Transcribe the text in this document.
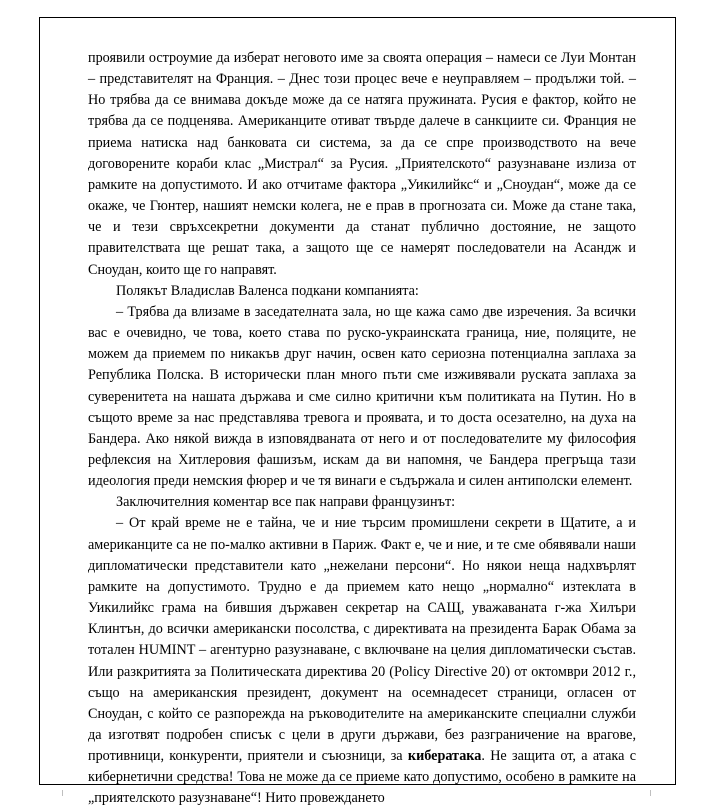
проявили остроумие да изберат неговото име за своята операция – намеси се Луи Монтан – представителят на Франция. – Днес този процес вече е неуправляем – продължи той. – Но трябва да се внимава докъде може да се натяга пружината. Русия е фактор, който не трябва да се подценява. Американците отиват твърде далече в санкциите си. Франция не приема натиска над банковата си система, за да се спре производството на вече договорените кораби клас „Мистрал“ за Русия. „Приятелското“ разузнаване излиза от рамките на допустимото. И ако отчитаме фактора „Уикилийкс“ и „Сноудан“, може да се окаже, че Гюнтер, нашият немски колега, не е прав в прогнозата си. Може да стане така, че и тези свръхсекретни документи да станат публично достояние, не защото правителствата ще решат така, а защото ще се намерят последователи на Асандж и Сноудан, които ще го направят.

Полякът Владислав Валенса подкани компанията:

– Трябва да влизаме в заседателната зала, но ще кажа само две изречения. За всички вас е очевидно, че това, което става по руско-украинската граница, ние, поляците, не можем да приемем по никакъв друг начин, освен като сериозна потенциална заплаха за Република Полска. В исторически план много пъти сме изживявали руската заплаха за суверенитета на нашата държава и сме силно критични към политиката на Путин. Но в същото време за нас представлява тревога и проявата, и то доста осезателно, на духа на Бандера. Ако някой вижда в изповядваната от него и от последователите му философия рефлексия на Хитлеровия фашизъм, искам да ви напомня, че Бандера прегръща тази идеология преди немския фюрер и че тя винаги е съдържала и силен антиполски елемент.

Заключителния коментар все пак направи французинът:

– От край време не е тайна, че и ние търсим промишлени секрети в Щатите, а и американците са не по-малко активни в Париж. Факт е, че и ние, и те сме обявявали наши дипломатически представители като „нежелани персони“. Но някои неща надхвърлят рамките на допустимото. Трудно е да приемем като нещо „нормално“ изтеклата в Уикилийкс грама на бившия държавен секретар на САЩ, уважаваната г-жа Хилъри Клинтън, до всички американски посолства, с директивата на президента Барак Обама за тотален HUMINT – агентурно разузнаване, с включване на целия дипломатически състав. Или разкритията за Политическата директива 20 (Policy Directive 20) от октомври 2012 г., също на американския президент, документ на осемнадесет страници, огласен от Сноудан, с който се разпорежда на ръководителите на американските специални служби да изготвят подробен списък с цели в други държави, без разграничение на врагове, противници, конкуренти, приятели и съюзници, за кибератака. Не защита от, а атака с кибернетични средства! Това не може да се приеме като допустимо, особено в рамките на „приятелското разузнаване“! Нито провеждането
